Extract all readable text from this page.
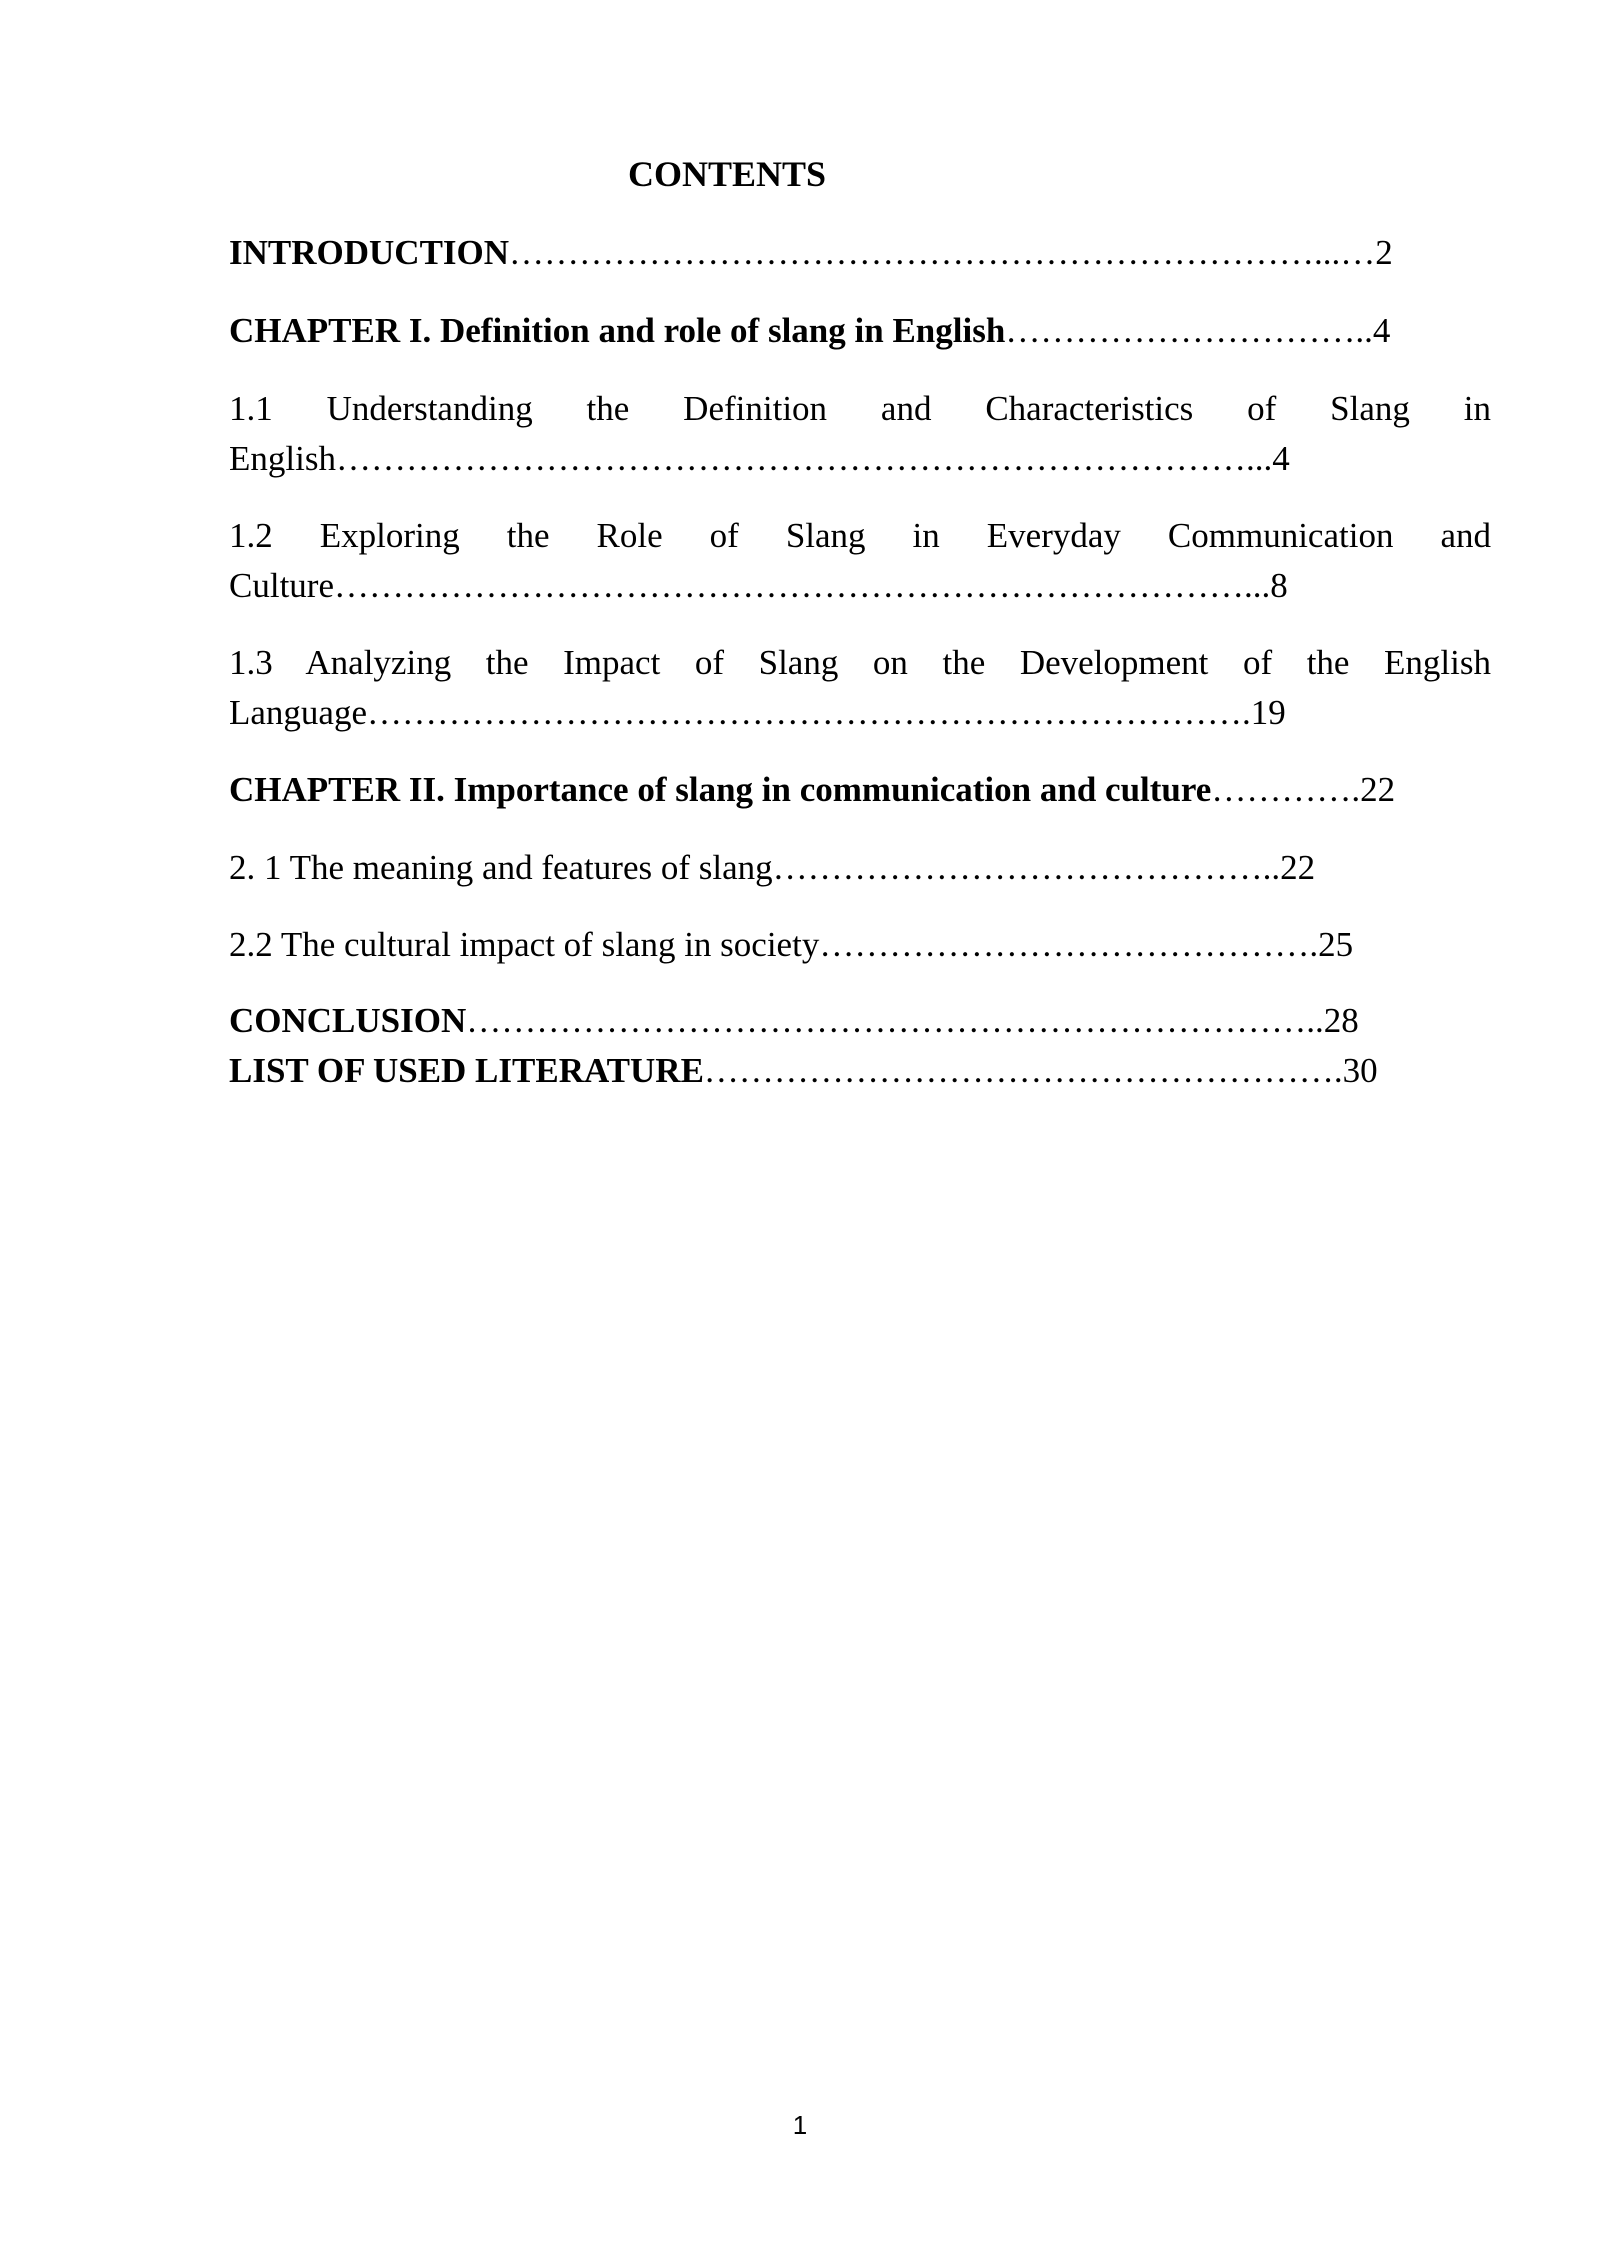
CONTENTS
INTRODUCTION……………………………………………………………...…2
CHAPTER I. Definition and role of slang in English…………………………..4
1.1 Understanding the Definition and Characteristics of Slang in
English……………………………………………………………………...4
1.2 Exploring the Role of Slang in Everyday Communication and
Culture……………………………………………………………………...8
1.3 Analyzing the Impact of Slang on the Development of the English
Language………………………………………………………………….19
CHAPTER II. Importance of slang in communication and culture………….22
2. 1 The meaning and features of slang……………………………………..22
2.2 The cultural impact of slang in society…………………………………….25
CONCLUSION………………………………………………………………..28
LIST OF USED LITERATURE……………………………………………….30
1
